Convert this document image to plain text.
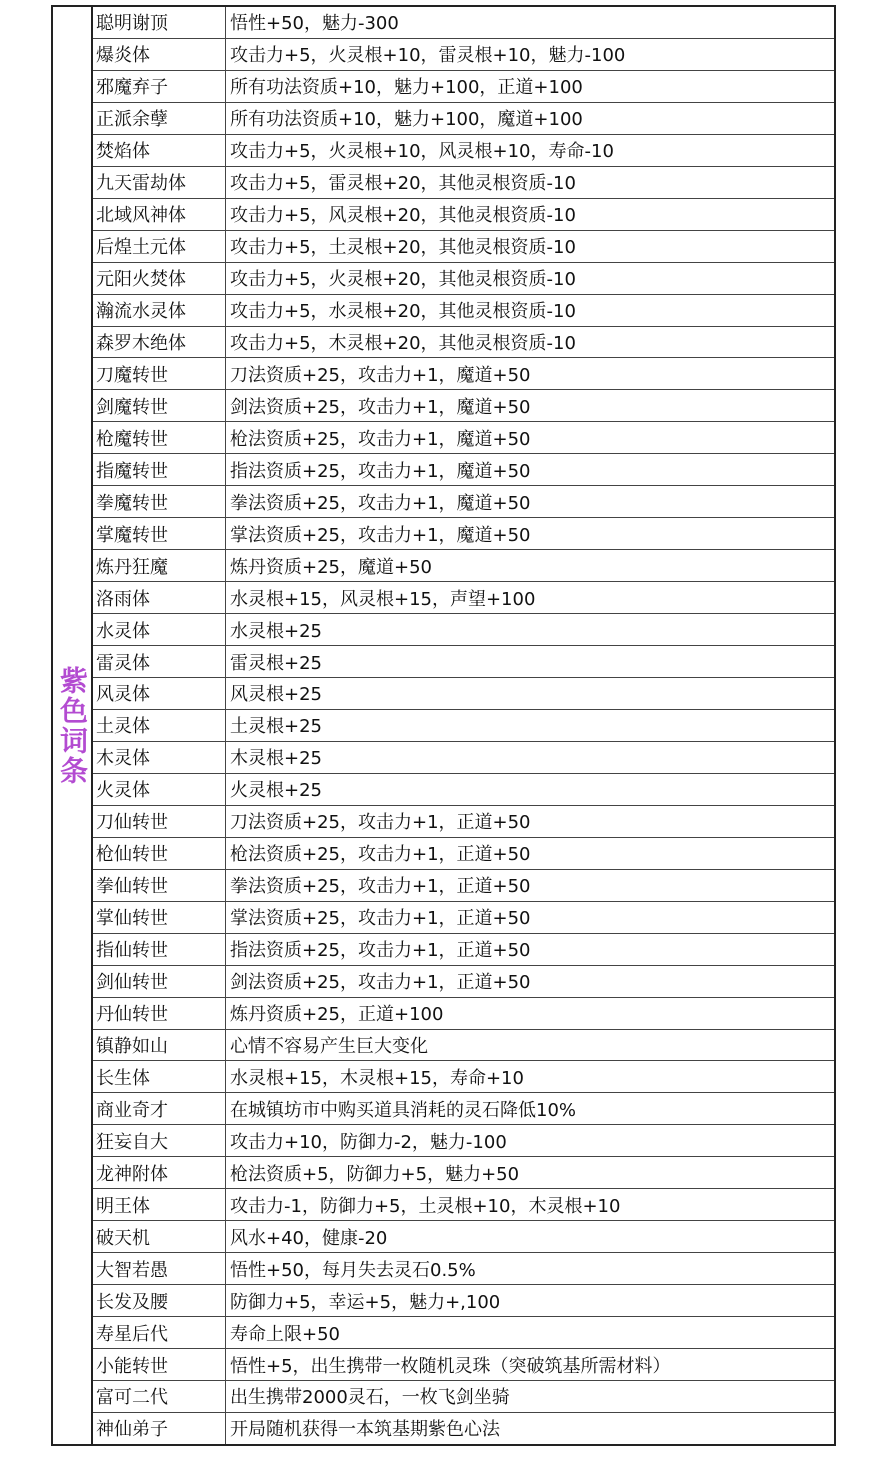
紫色词条
聪明谢顶	悟性+50，魅力-300
爆炎体	攻击力+5，火灵根+10，雷灵根+10，魅力-100
邪魔弃子	所有功法资质+10，魅力+100，正道+100
正派余孽	所有功法资质+10，魅力+100，魔道+100
焚焰体	攻击力+5，火灵根+10，风灵根+10，寿命-10
九天雷劫体	攻击力+5，雷灵根+20，其他灵根资质-10
北域风神体	攻击力+5，风灵根+20，其他灵根资质-10
后煌土元体	攻击力+5，土灵根+20，其他灵根资质-10
元阳火焚体	攻击力+5，火灵根+20，其他灵根资质-10
瀚流水灵体	攻击力+5，水灵根+20，其他灵根资质-10
森罗木绝体	攻击力+5，木灵根+20，其他灵根资质-10
刀魔转世	刀法资质+25，攻击力+1，魔道+50
剑魔转世	剑法资质+25，攻击力+1，魔道+50
枪魔转世	枪法资质+25，攻击力+1，魔道+50
指魔转世	指法资质+25，攻击力+1，魔道+50
拳魔转世	拳法资质+25，攻击力+1，魔道+50
掌魔转世	掌法资质+25，攻击力+1，魔道+50
炼丹狂魔	炼丹资质+25，魔道+50
洛雨体	水灵根+15，风灵根+15，声望+100
水灵体	水灵根+25
雷灵体	雷灵根+25
风灵体	风灵根+25
土灵体	土灵根+25
木灵体	木灵根+25
火灵体	火灵根+25
刀仙转世	刀法资质+25，攻击力+1，正道+50
枪仙转世	枪法资质+25，攻击力+1，正道+50
拳仙转世	拳法资质+25，攻击力+1，正道+50
掌仙转世	掌法资质+25，攻击力+1，正道+50
指仙转世	指法资质+25，攻击力+1，正道+50
剑仙转世	剑法资质+25，攻击力+1，正道+50
丹仙转世	炼丹资质+25，正道+100
镇静如山	心情不容易产生巨大变化
长生体	水灵根+15，木灵根+15，寿命+10
商业奇才	在城镇坊市中购买道具消耗的灵石降低10%
狂妄自大	攻击力+10，防御力-2，魅力-100
龙神附体	枪法资质+5，防御力+5，魅力+50
明王体	攻击力-1，防御力+5，土灵根+10，木灵根+10
破天机	风水+40，健康-20
大智若愚	悟性+50，每月失去灵石0.5%
长发及腰	防御力+5，幸运+5，魅力+,100
寿星后代	寿命上限+50
小能转世	悟性+5，出生携带一枚随机灵珠（突破筑基所需材料）
富可二代	出生携带2000灵石，一枚飞剑坐骑
神仙弟子	开局随机获得一本筑基期紫色心法
